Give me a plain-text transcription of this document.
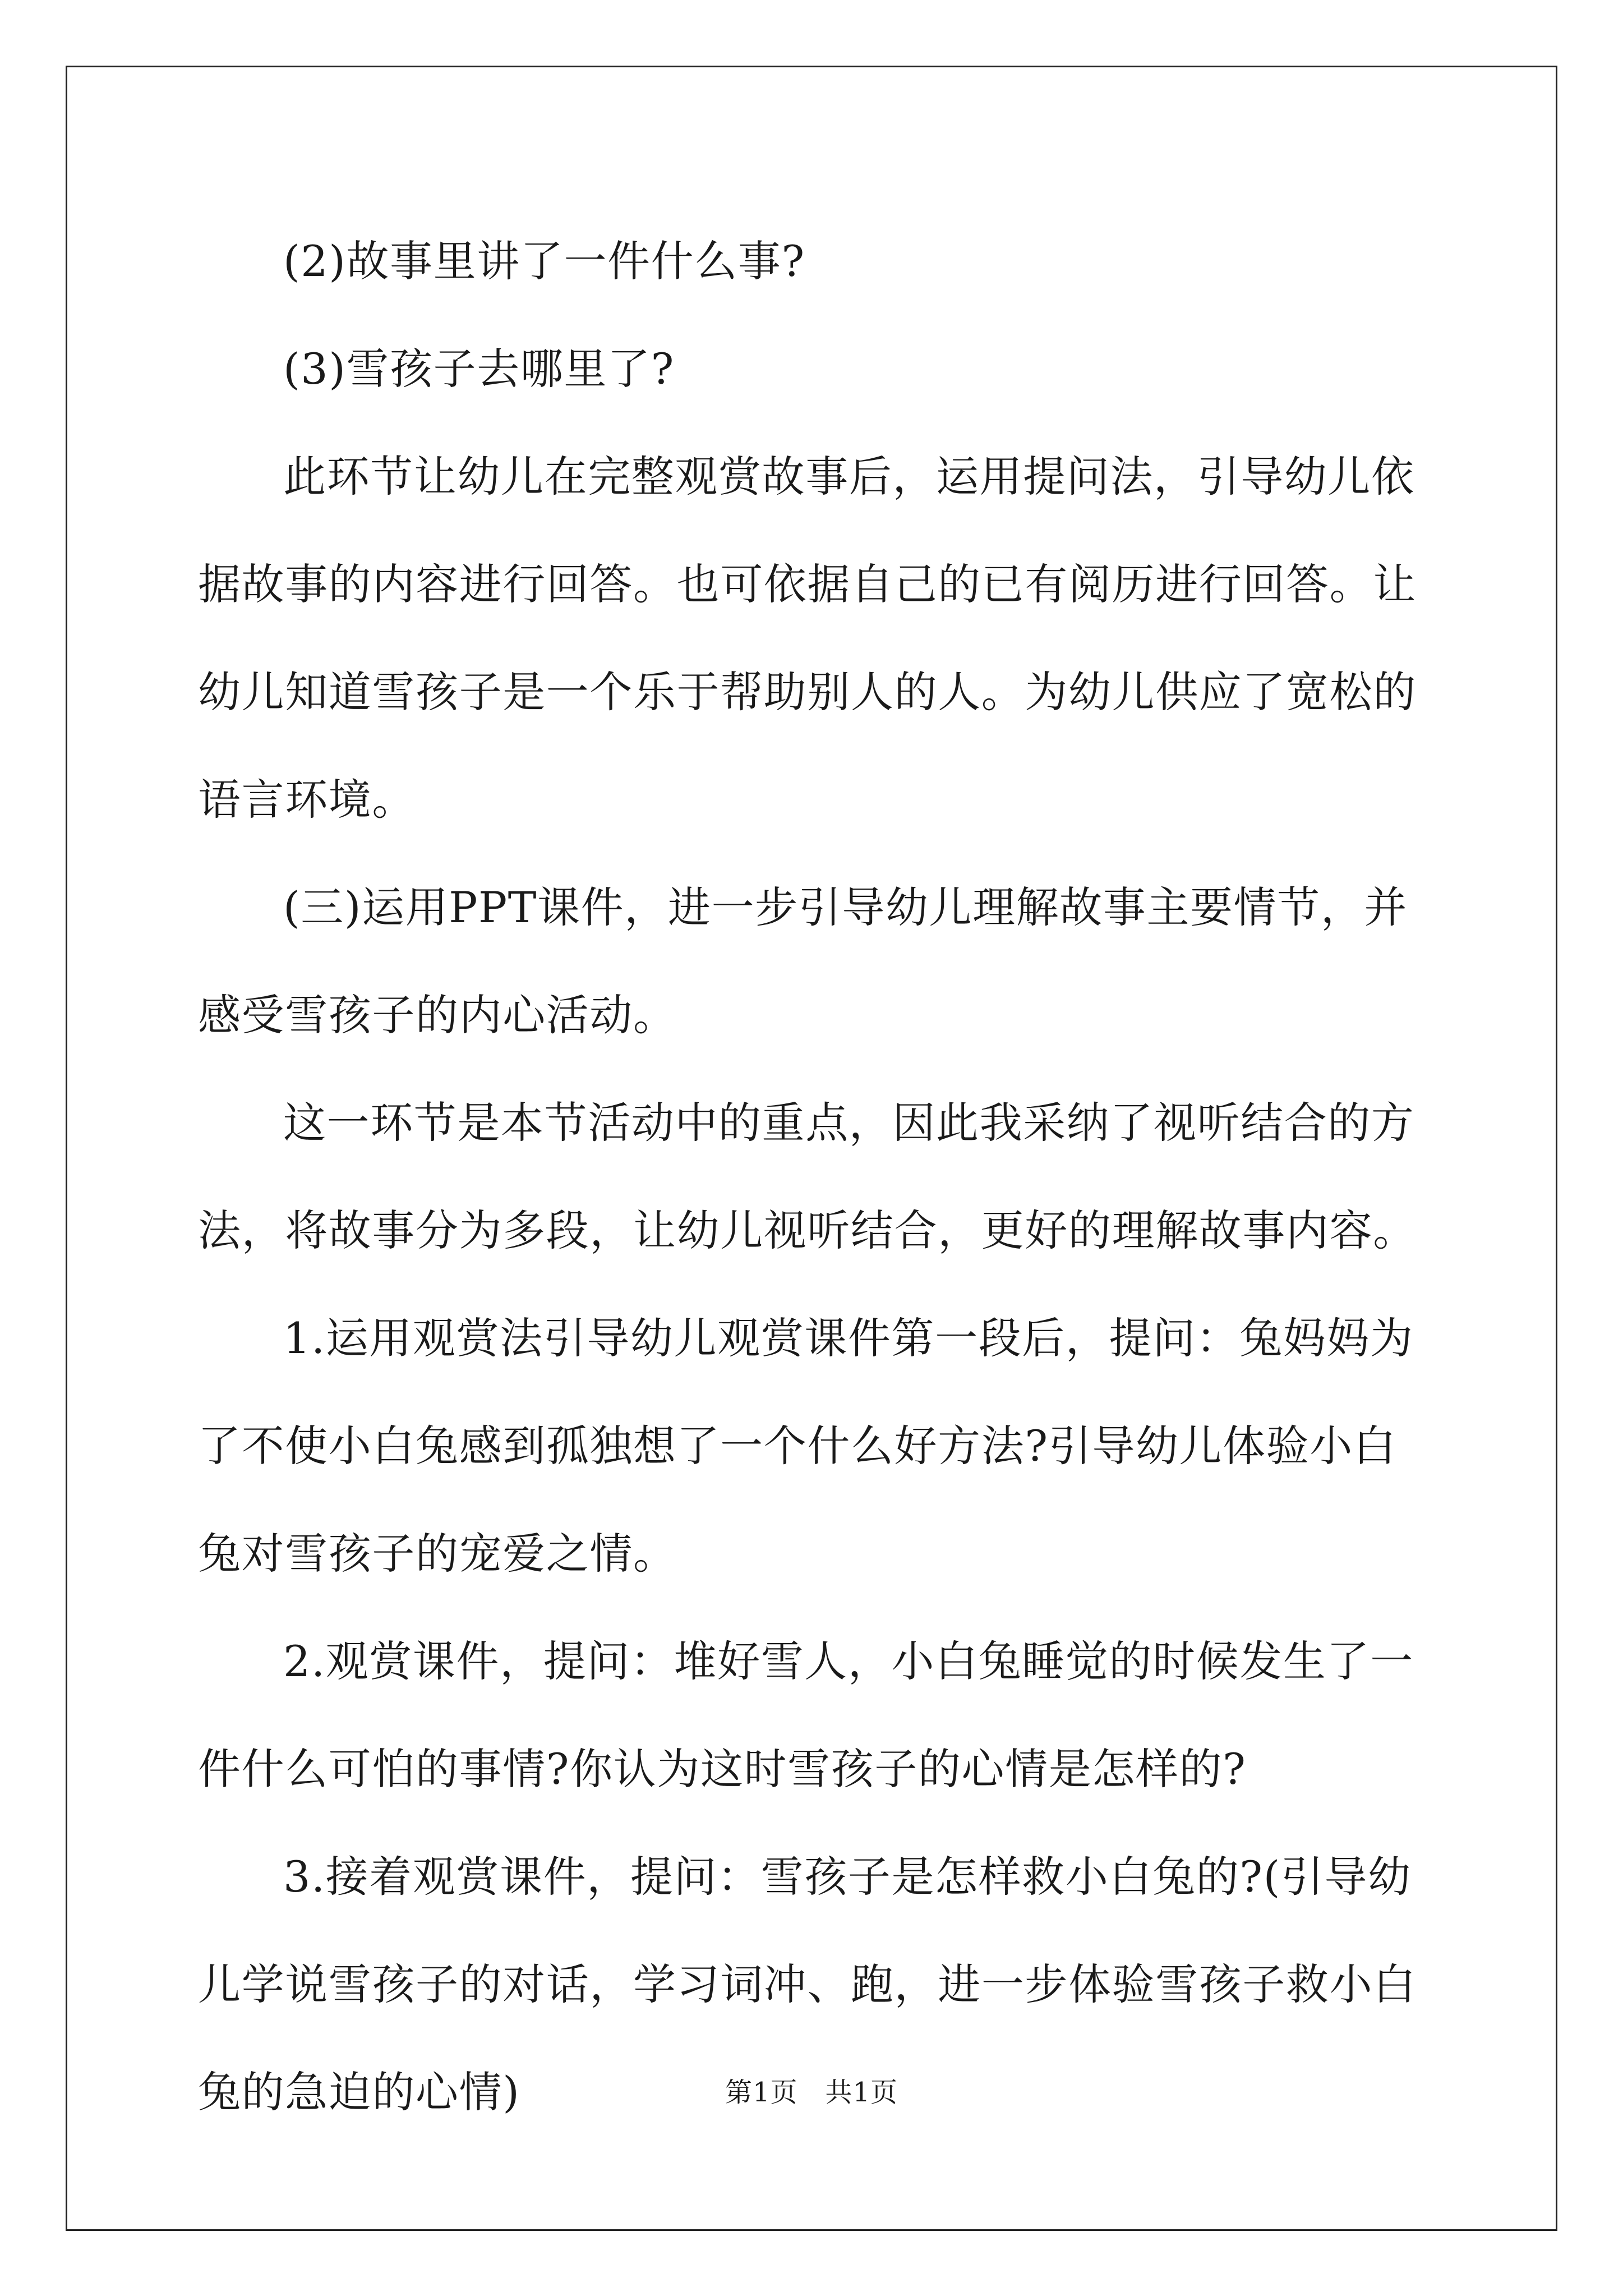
(2)故事里讲了一件什么事?

(3)雪孩子去哪里了?

此环节让幼儿在完整观赏故事后，运用提问法，引导幼儿依据故事的内容进行回答。也可依据自己的已有阅历进行回答。让幼儿知道雪孩子是一个乐于帮助别人的人。为幼儿供应了宽松的语言环境。

(三)运用PPT课件，进一步引导幼儿理解故事主要情节，并感受雪孩子的内心活动。

这一环节是本节活动中的重点，因此我采纳了视听结合的方法，将故事分为多段，让幼儿视听结合，更好的理解故事内容。

1.运用观赏法引导幼儿观赏课件第一段后，提问：兔妈妈为了不使小白兔感到孤独想了一个什么好方法?引导幼儿体验小白兔对雪孩子的宠爱之情。

2.观赏课件，提问：堆好雪人，小白兔睡觉的时候发生了一件什么可怕的事情?你认为这时雪孩子的心情是怎样的?

3.接着观赏课件，提问：雪孩子是怎样救小白兔的?(引导幼儿学说雪孩子的对话，学习词冲、跑，进一步体验雪孩子救小白兔的急迫的心情)	第1页　共1页
